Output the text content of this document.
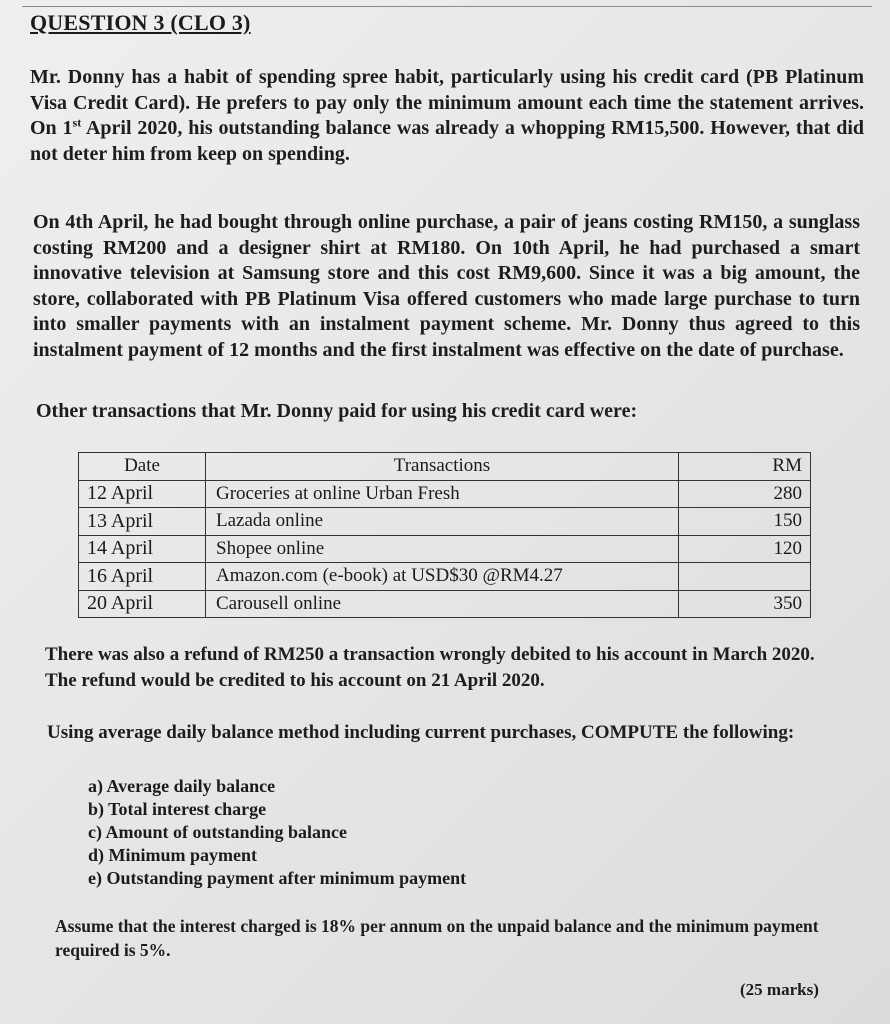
QUESTION 3 (CLO 3)
Mr. Donny has a habit of spending spree habit, particularly using his credit card (PB Platinum Visa Credit Card). He prefers to pay only the minimum amount each time the statement arrives. On 1st April 2020, his outstanding balance was already a whopping RM15,500. However, that did not deter him from keep on spending.
On 4th April, he had bought through online purchase, a pair of jeans costing RM150, a sunglass costing RM200 and a designer shirt at RM180. On 10th April, he had purchased a smart innovative television at Samsung store and this cost RM9,600. Since it was a big amount, the store, collaborated with PB Platinum Visa offered customers who made large purchase to turn into smaller payments with an instalment payment scheme. Mr. Donny thus agreed to this instalment payment of 12 months and the first instalment was effective on the date of purchase.
Other transactions that Mr. Donny paid for using his credit card were:
Date	Transactions	RM
12 April	Groceries at online Urban Fresh	280
13 April	Lazada online	150
14 April	Shopee online	120
16 April	Amazon.com (e-book) at USD$30 @RM4.27	
20 April	Carousell online	350
There was also a refund of RM250 a transaction wrongly debited to his account in March 2020. The refund would be credited to his account on 21 April 2020.
Using average daily balance method including current purchases, COMPUTE the following:
a) Average daily balance
b) Total interest charge
c) Amount of outstanding balance
d) Minimum payment
e) Outstanding payment after minimum payment
Assume that the interest charged is 18% per annum on the unpaid balance and the minimum payment required is 5%.
(25 marks)
